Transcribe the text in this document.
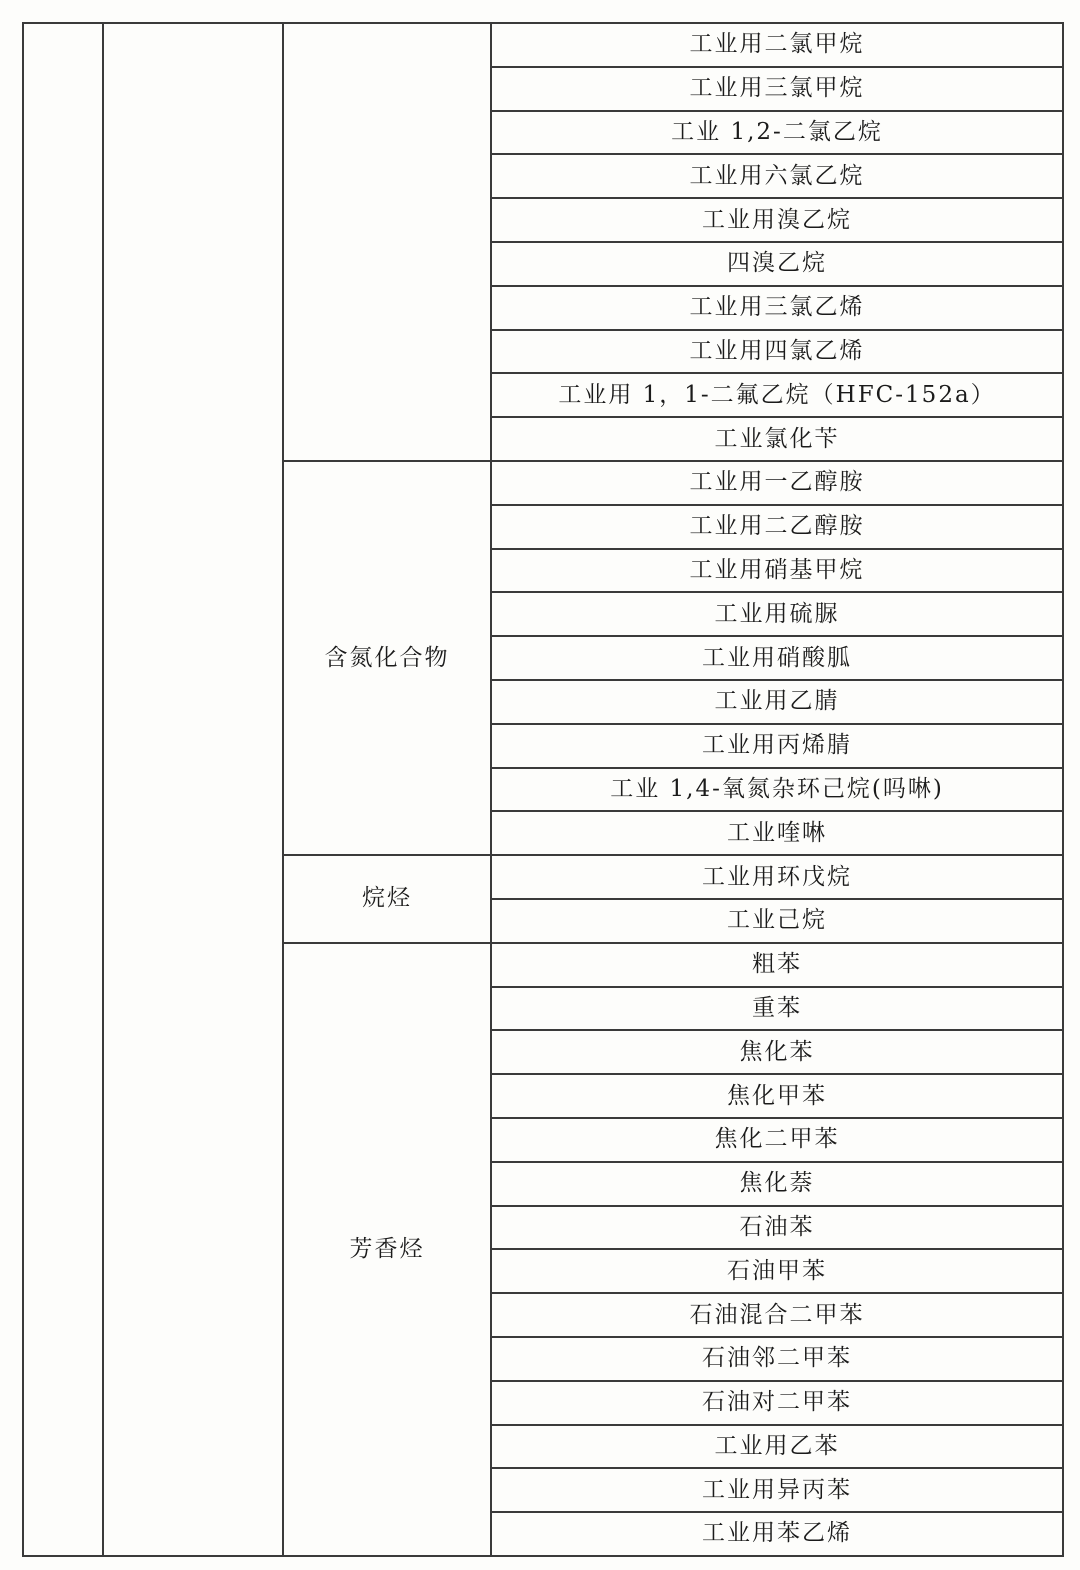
			工业用二氯甲烷
			工业用三氯甲烷
			工业 1,2-二氯乙烷
			工业用六氯乙烷
			工业用溴乙烷
			四溴乙烷
			工业用三氯乙烯
			工业用四氯乙烯
			工业用 1，1-二氟乙烷（HFC-152a）
			工业氯化苄
		含氮化合物	工业用一乙醇胺
			工业用二乙醇胺
			工业用硝基甲烷
			工业用硫脲
			工业用硝酸胍
			工业用乙腈
			工业用丙烯腈
			工业 1,4-氧氮杂环己烷(吗啉)
			工业喹啉
		烷烃	工业用环戊烷
			工业己烷
		芳香烃	粗苯
			重苯
			焦化苯
			焦化甲苯
			焦化二甲苯
			焦化萘
			石油苯
			石油甲苯
			石油混合二甲苯
			石油邻二甲苯
			石油对二甲苯
			工业用乙苯
			工业用异丙苯
			工业用苯乙烯
